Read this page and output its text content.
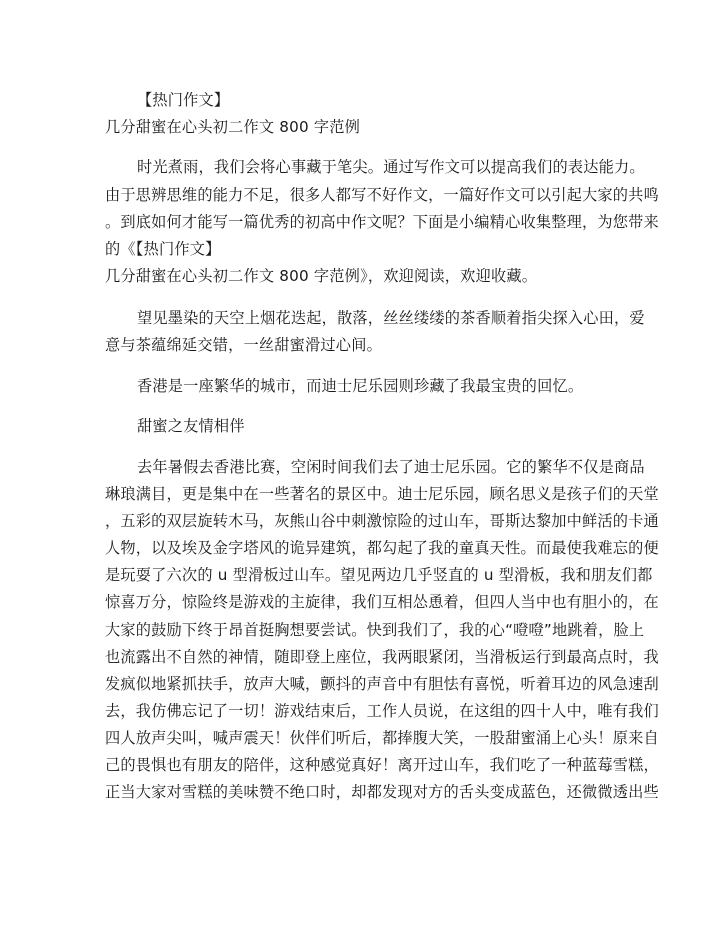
【热门作文】
几分甜蜜在心头初二作文 800 字范例
时光煮雨，我们会将心事藏于笔尖。通过写作文可以提高我们的表达能力。
由于思辨思维的能力不足，很多人都写不好作文，一篇好作文可以引起大家的共鸣
。到底如何才能写一篇优秀的初高中作文呢？下面是小编精心收集整理，为您带来
的《【热门作文】
几分甜蜜在心头初二作文 800 字范例》，欢迎阅读，欢迎收藏。
望见墨染的天空上烟花迭起，散落，丝丝缕缕的茶香顺着指尖探入心田，爱
意与茶蕴绵延交错，一丝甜蜜滑过心间。
香港是一座繁华的城市，而迪士尼乐园则珍藏了我最宝贵的回忆。
甜蜜之友情相伴
去年暑假去香港比赛，空闲时间我们去了迪士尼乐园。它的繁华不仅是商品
琳琅满目，更是集中在一些著名的景区中。迪士尼乐园，顾名思义是孩子们的天堂
，五彩的双层旋转木马，灰熊山谷中刺激惊险的过山车，哥斯达黎加中鲜活的卡通
人物，以及埃及金字塔风的诡异建筑，都勾起了我的童真天性。而最使我难忘的便
是玩耍了六次的 u 型滑板过山车。望见两边几乎竖直的 u 型滑板，我和朋友们都
惊喜万分，惊险终是游戏的主旋律，我们互相怂恿着，但四人当中也有胆小的，在
大家的鼓励下终于昂首挺胸想要尝试。快到我们了，我的心“噔噔”地跳着，脸上
也流露出不自然的神情，随即登上座位，我两眼紧闭，当滑板运行到最高点时，我
发疯似地紧抓扶手，放声大喊，颤抖的声音中有胆怯有喜悦，听着耳边的风急速刮
去，我仿佛忘记了一切！游戏结束后，工作人员说，在这组的四十人中，唯有我们
四人放声尖叫，喊声震天！伙伴们听后，都捧腹大笑，一股甜蜜涌上心头！原来自
己的畏惧也有朋友的陪伴，这种感觉真好！离开过山车，我们吃了一种蓝莓雪糕，
正当大家对雪糕的美味赞不绝口时，却都发现对方的舌头变成蓝色，还微微透出些
